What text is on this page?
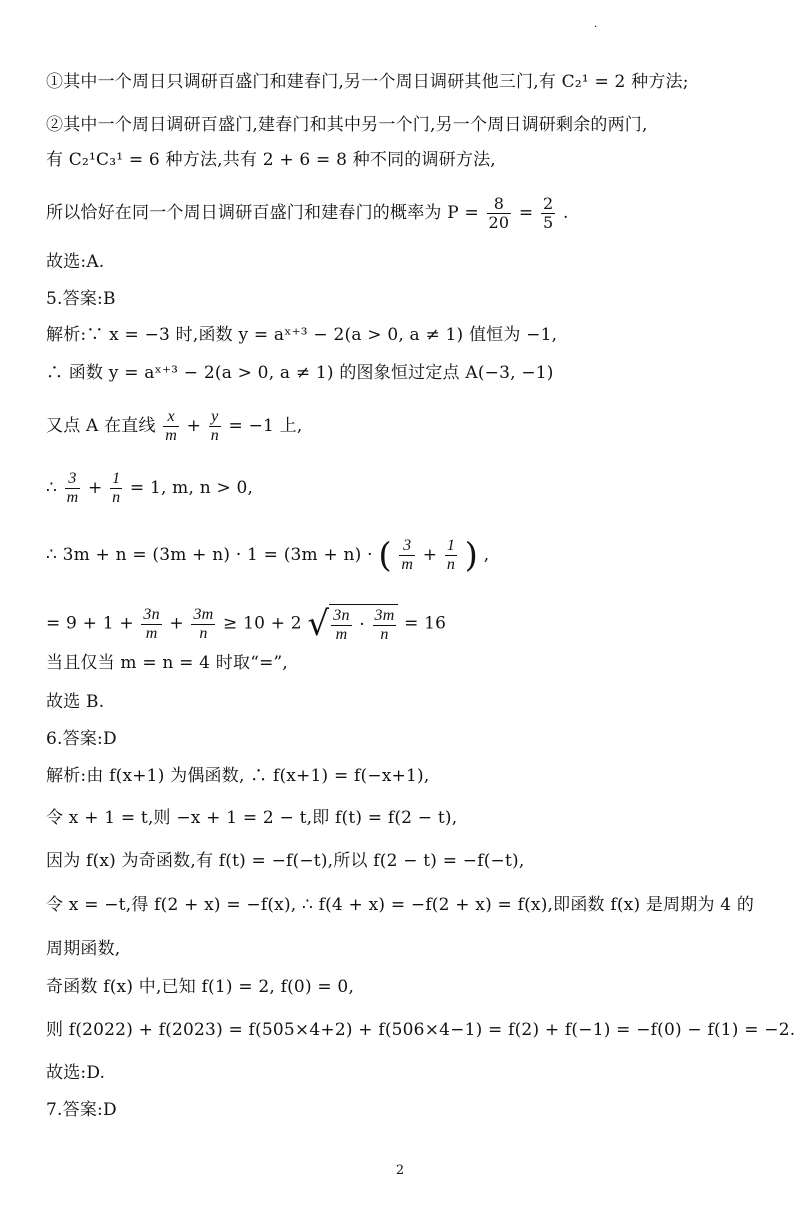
·
①其中一个周日只调研百盛门和建春门,另一个周日调研其他三门,有 C₂¹ = 2 种方法;
②其中一个周日调研百盛门,建春门和其中另一个门,另一个周日调研剩余的两门,
有 C₂¹C₃¹ = 6 种方法,共有 2 + 6 = 8 种不同的调研方法,
所以恰好在同一个周日调研百盛门和建春门的概率为 $P = \frac{8}{20} = \frac{2}{5}$ .
故选:A.
5.答案:B
解析:∵ x = −3 时,函数 y = aˣ⁺³ − 2(a > 0, a ≠ 1) 值恒为 −1,
∴ 函数 y = aˣ⁺³ − 2(a > 0, a ≠ 1) 的图象恒过定点 A(−3, −1)
又点 A 在直线 $\frac{x}{m} + \frac{y}{n} = -1$ 上,
∴ $\frac{3}{m} + \frac{1}{n} = 1$, m, n > 0,
∴ 3m + n = (3m + n) · 1 = (3m + n) · ( $\frac{3}{m} + \frac{1}{n}$ ) ,
= $9 + 1 + \frac{3n}{m} + \frac{3m}{n} \ge 10 + 2$ √ $\frac{3n}{m} \cdot \frac{3m}{n} = 16$
当且仅当 m = n = 4 时取“=”,
故选 B.
6.答案:D
解析:由 f(x+1) 为偶函数, ∴ f(x+1) = f(−x+1),
令 x + 1 = t,则 −x + 1 = 2 − t,即 f(t) = f(2 − t),
因为 f(x) 为奇函数,有 f(t) = −f(−t),所以 f(2 − t) = −f(−t),
令 x = −t,得 f(2 + x) = −f(x), ∴ f(4 + x) = −f(2 + x) = f(x),即函数 f(x) 是周期为 4 的
周期函数,
奇函数 f(x) 中,已知 f(1) = 2, f(0) = 0,
则 f(2022) + f(2023) = f(505×4+2) + f(506×4−1) = f(2) + f(−1) = −f(0) − f(1) = −2.
故选:D.
7.答案:D
2
